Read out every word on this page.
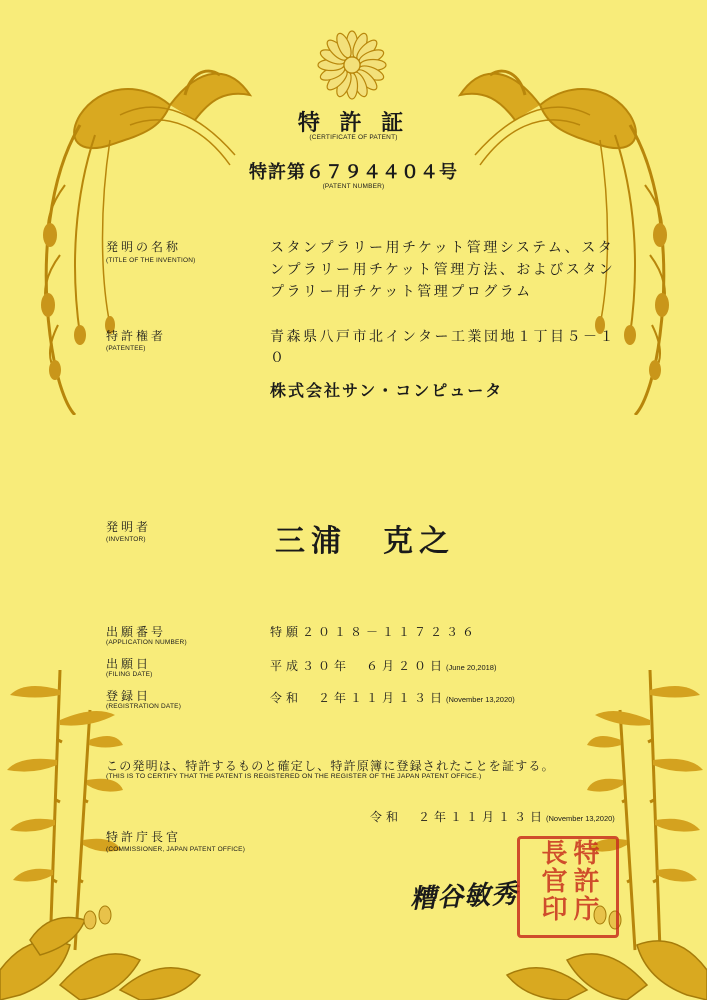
特 許 証
(CERTIFICATE OF PATENT)
特許第６７９４４０４号
(PATENT NUMBER)
発明の名称
(TITLE OF THE INVENTION)
スタンプラリー用チケット管理システム、スタ
ンプラリー用チケット管理方法、およびスタン
プラリー用チケット管理プログラム
特許権者
(PATENTEE)
青森県八戸市北インター工業団地１丁目５－１
０
株式会社サン・コンピュータ
発明者
(INVENTOR)	三浦　克之
出願番号
(APPLICATION NUMBER)
特願２０１８－１１７２３６
出願日
(FILING DATE)
平成３０年　６月２０日(June 20,2018)
登録日
(REGISTRATION DATE)
令和　２年１１月１３日(November 13,2020)
この発明は、特許するものと確定し、特許原簿に登録されたことを証する。
(THIS IS TO CERTIFY THAT THE PATENT IS REGISTERED ON THE REGISTER OF THE JAPAN PATENT OFFICE.)
令和　２年１１月１３日(November 13,2020)
特許庁長官
(COMMISSIONER, JAPAN PATENT OFFICE)
糟谷敏秀	特許庁長官印
